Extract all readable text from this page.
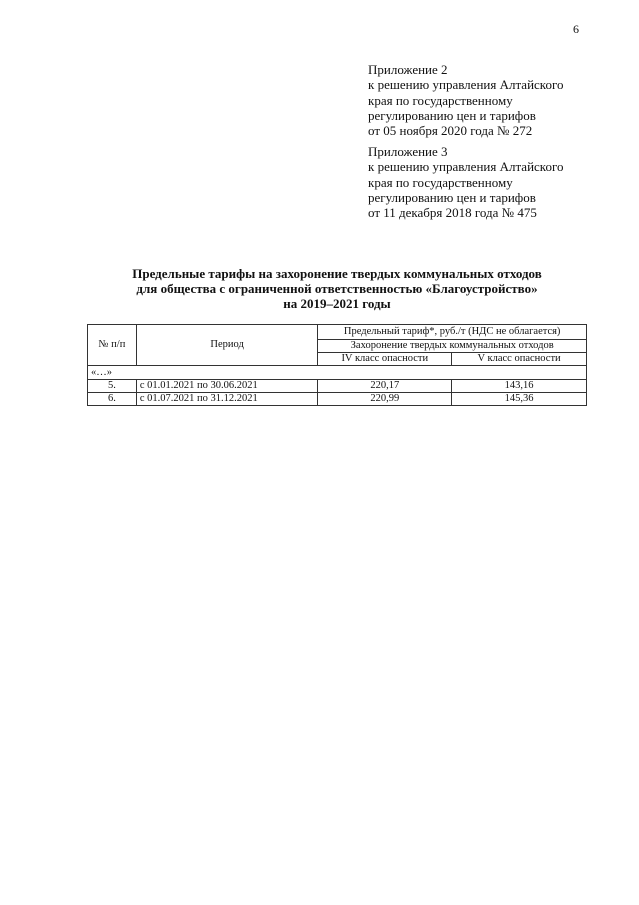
6
Приложение 2
к решению управления Алтайского
края по государственному
регулированию цен и тарифов
от 05 ноября 2020 года № 272
Приложение 3
к решению управления Алтайского
края по государственному
регулированию цен и тарифов
от 11 декабря 2018 года № 475
Предельные тарифы на захоронение твердых коммунальных отходов
для общества с ограниченной ответственностью «Благоустройство»
на 2019–2021 годы
№ п/п	Период	Предельный тариф*, руб./т (НДС не облагается)	
		Захоронение твердых коммунальных отходов	
		IV класс опасности	V класс опасности
«…»			
5.	с 01.01.2021 по 30.06.2021	220,17	143,16
6.	с 01.07.2021 по 31.12.2021	220,99	145,36
